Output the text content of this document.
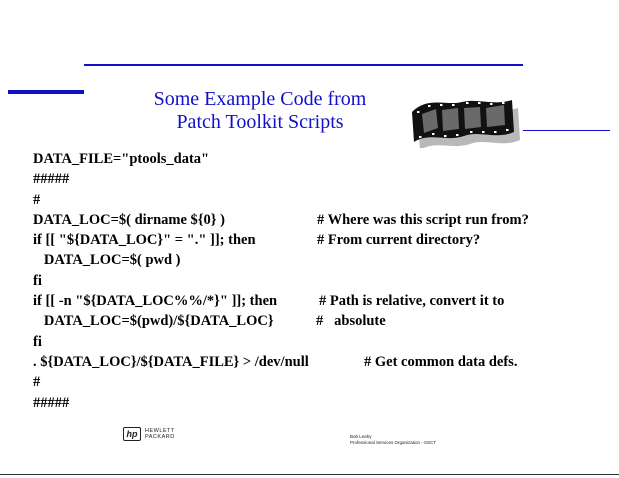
Some Example Code from
Patch Toolkit Scripts
DATA_FILE="ptools_data"
#####
#
DATA_LOC=$( dirname ${0} )	# Where was this script run from?
if [[ "${DATA_LOC}" = "." ]]; then	# From current directory?
DATA_LOC=$( pwd )
fi
if [[ -n "${DATA_LOC%%/*}" ]]; then	# Path is relative, convert it to
DATA_LOC=$(pwd)/${DATA_LOC}	#   absolute
fi
. ${DATA_LOC}/${DATA_FILE} > /dev/null	# Get common data defs.
#
#####
hp	HEWLETT
PACKARD	Bob Leahy
Professional Services Organization - SSCT
